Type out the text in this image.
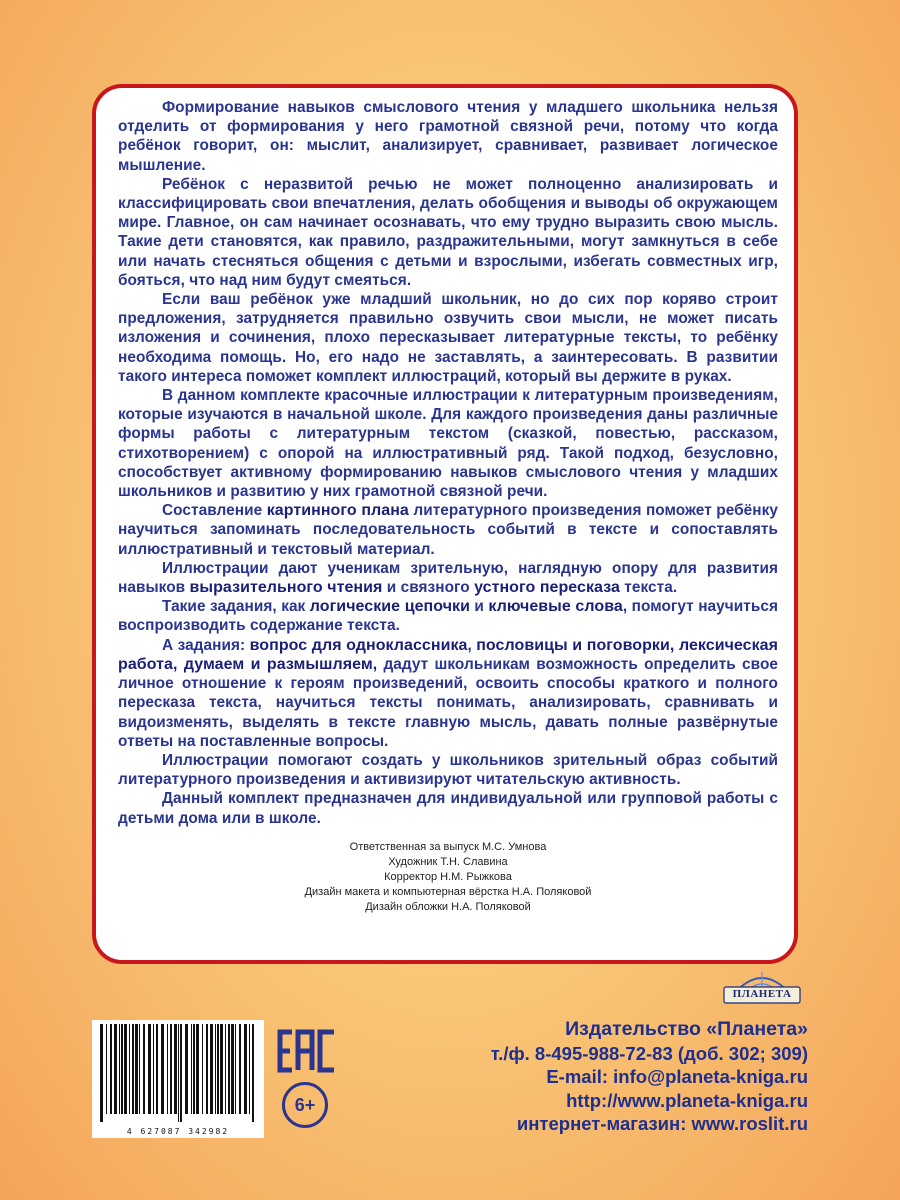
Формирование навыков смыслового чтения у младшего школьника нельзя отделить от формирования у него грамотной связной речи, потому что когда ребёнок говорит, он: мыслит, анализирует, сравнивает, развивает логическое мышление.

Ребёнок с неразвитой речью не может полноценно анализировать и классифицировать свои впечатления, делать обобщения и выводы об окружающем мире. Главное, он сам начинает осознавать, что ему трудно выразить свою мысль. Такие дети становятся, как правило, раздражительными, могут замкнуться в себе или начать стесняться общения с детьми и взрослыми, избегать совместных игр, бояться, что над ним будут смеяться.

Если ваш ребёнок уже младший школьник, но до сих пор коряво строит предложения, затрудняется правильно озвучить свои мысли, не может писать изложения и сочинения, плохо пересказывает литературные тексты, то ребёнку необходима помощь. Но, его надо не заставлять, а заинтересовать. В развитии такого интереса поможет комплект иллюстраций, который вы держите в руках.

В данном комплекте красочные иллюстрации к литературным произведениям, которые изучаются в начальной школе. Для каждого произведения даны различные формы работы с литературным текстом (сказкой, повестью, рассказом, стихотворением) с опорой на иллюстративный ряд. Такой подход, безусловно, способствует активному формированию навыков смыслового чтения у младших школьников и развитию у них грамотной связной речи.

Составление картинного плана литературного произведения поможет ребёнку научиться запоминать последовательность событий в тексте и сопоставлять иллюстративный и текстовый материал.

Иллюстрации дают ученикам зрительную, наглядную опору для развития навыков выразительного чтения и связного устного пересказа текста.

Такие задания, как логические цепочки и ключевые слова, помогут научиться воспроизводить содержание текста.

А задания: вопрос для одноклассника, пословицы и поговорки, лексическая работа, думаем и размышляем, дадут школьникам возможность определить свое личное отношение к героям произведений, освоить способы краткого и полного пересказа текста, научиться тексты понимать, анализировать, сравнивать и видоизменять, выделять в тексте главную мысль, давать полные развёрнутые ответы на поставленные вопросы.

Иллюстрации помогают создать у школьников зрительный образ событий литературного произведения и активизируют читательскую активность.

Данный комплект предназначен для индивидуальной или групповой работы с детьми дома или в школе.

Ответственная за выпуск М.С. Умнова
Художник Т.Н. Славина
Корректор Н.М. Рыжкова
Дизайн макета и компьютерная вёрстка Н.А. Поляковой
Дизайн обложки Н.А. Поляковой
4 627087 342982
6+
ПЛАНЕТА
Издательство «Планета»
т./ф. 8-495-988-72-83 (доб. 302; 309)
E-mail: info@planeta-kniga.ru
http://www.planeta-kniga.ru
интернет-магазин: www.roslit.ru
